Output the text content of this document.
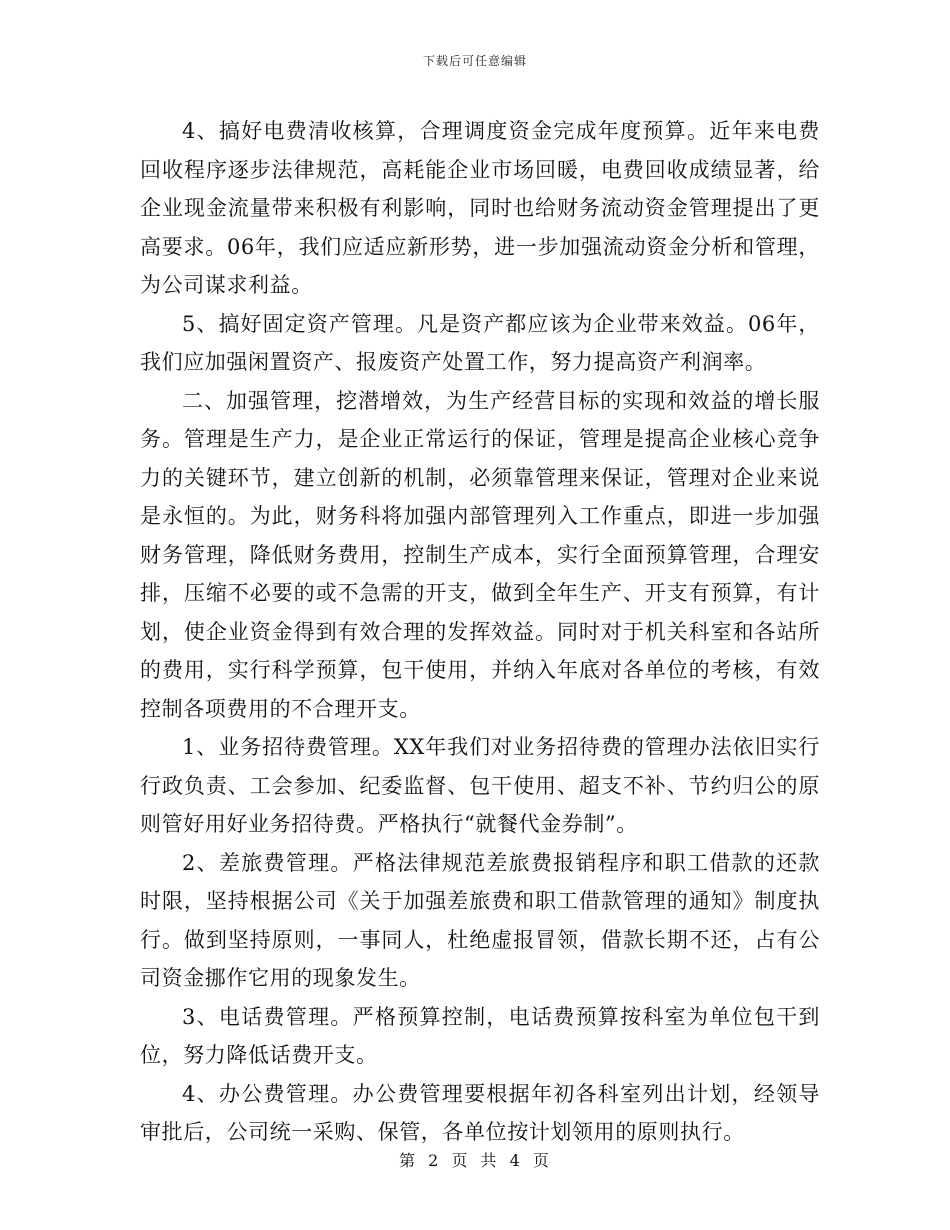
下载后可任意编辑

4、搞好电费清收核算，合理调度资金完成年度预算。近年来电费回收程序逐步法律规范，高耗能企业市场回暖，电费回收成绩显著，给企业现金流量带来积极有利影响，同时也给财务流动资金管理提出了更高要求。06年，我们应适应新形势，进一步加强流动资金分析和管理，为公司谋求利益。

5、搞好固定资产管理。凡是资产都应该为企业带来效益。06年，我们应加强闲置资产、报废资产处置工作，努力提高资产利润率。

二、加强管理，挖潜增效，为生产经营目标的实现和效益的增长服务。管理是生产力，是企业正常运行的保证，管理是提高企业核心竞争力的关键环节，建立创新的机制，必须靠管理来保证，管理对企业来说是永恒的。为此，财务科将加强内部管理列入工作重点，即进一步加强财务管理，降低财务费用，控制生产成本，实行全面预算管理，合理安排，压缩不必要的或不急需的开支，做到全年生产、开支有预算，有计划，使企业资金得到有效合理的发挥效益。同时对于机关科室和各站所的费用，实行科学预算，包干使用，并纳入年底对各单位的考核，有效控制各项费用的不合理开支。

1、业务招待费管理。XX年我们对业务招待费的管理办法依旧实行行政负责、工会参加、纪委监督、包干使用、超支不补、节约归公的原则管好用好业务招待费。严格执行“就餐代金券制”。

2、差旅费管理。严格法律规范差旅费报销程序和职工借款的还款时限，坚持根据公司《关于加强差旅费和职工借款管理的通知》制度执行。做到坚持原则，一事同人，杜绝虚报冒领，借款长期不还，占有公司资金挪作它用的现象发生。

3、电话费管理。严格预算控制，电话费预算按科室为单位包干到位，努力降低话费开支。

4、办公费管理。办公费管理要根据年初各科室列出计划，经领导审批后，公司统一采购、保管，各单位按计划领用的原则执行。

第 2 页 共 4 页
